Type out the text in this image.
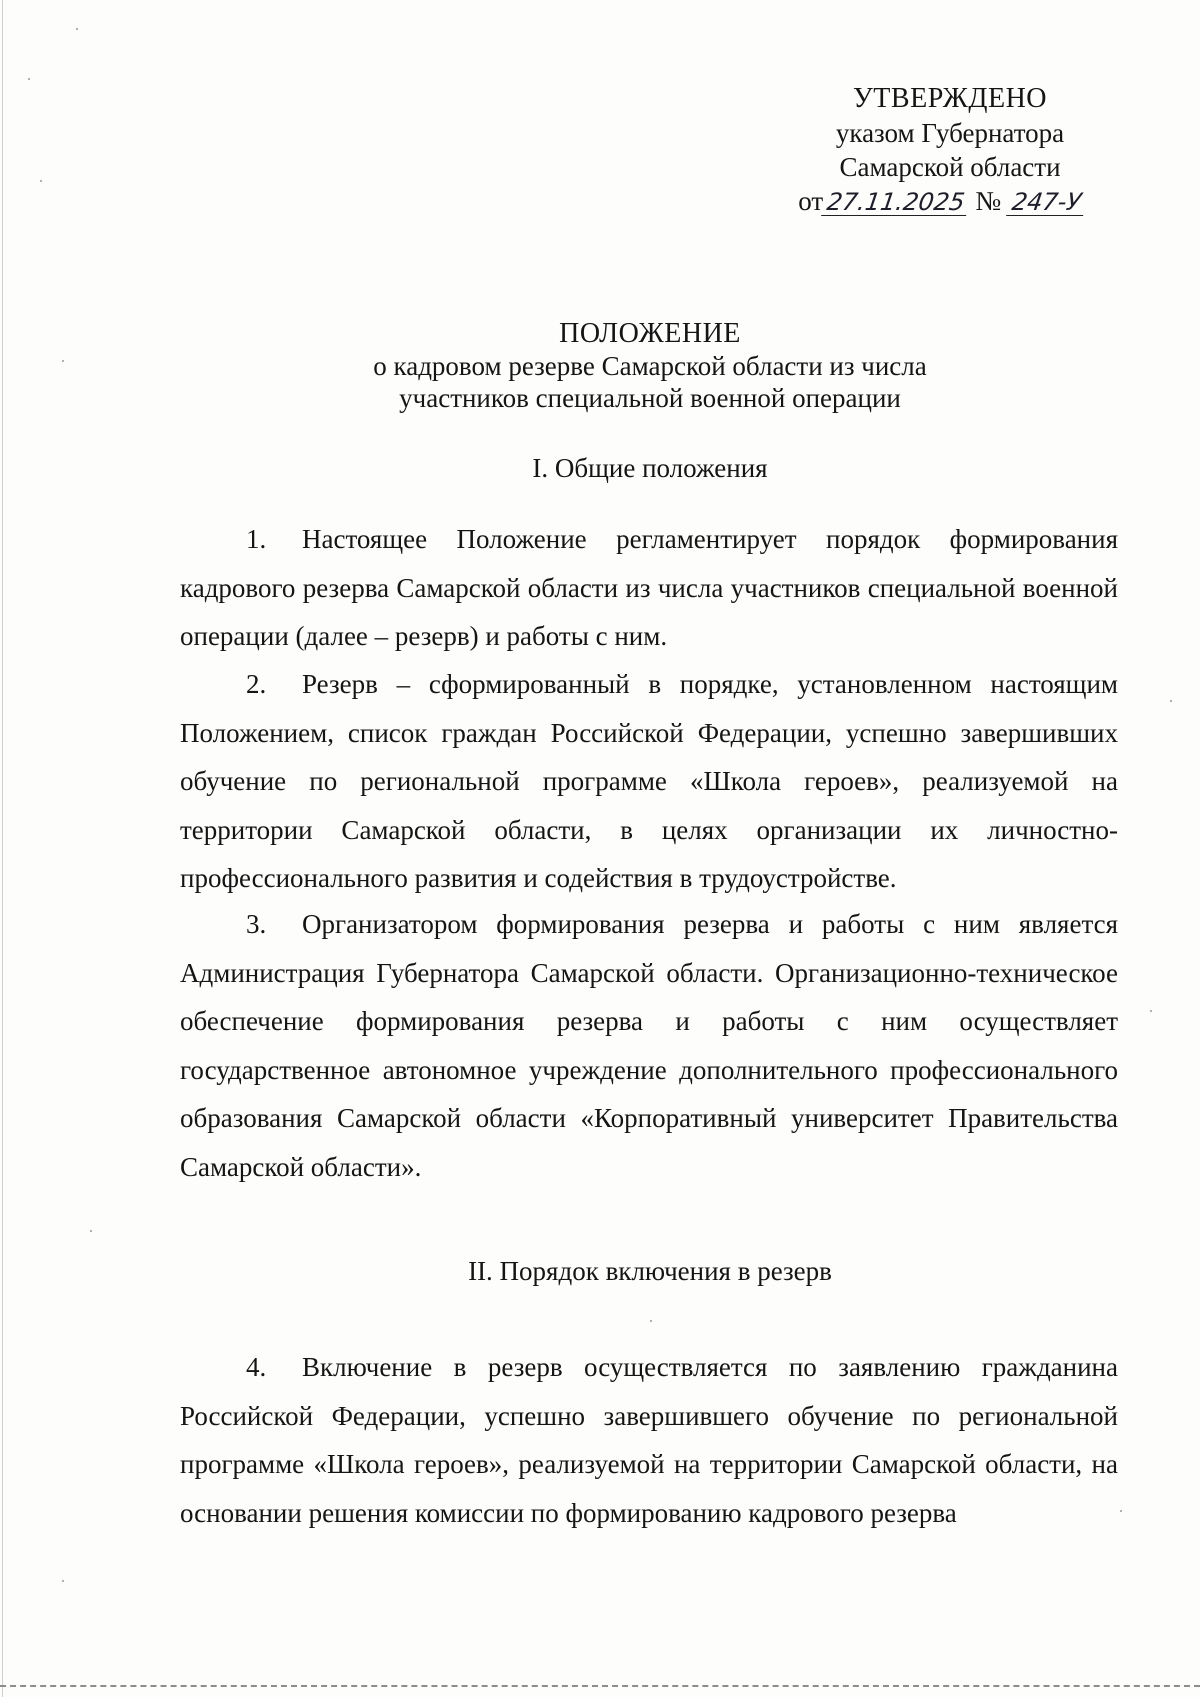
УТВЕРЖДЕНО
указом Губернатора
Самарской области
от27.11.2025 № 247-У
ПОЛОЖЕНИЕ
о кадровом резерве Самарской области из числа
участников специальной военной операции
I. Общие положения
1. Настоящее Положение регламентирует порядок формирования кадрового резерва Самарской области из числа участников специальной военной операции (далее – резерв) и работы с ним.
2. Резерв – сформированный в порядке, установленном настоящим Положением, список граждан Российской Федерации, успешно завершивших обучение по региональной программе «Школа героев», реализуемой на территории Самарской области, в целях организации их личностно-профессионального развития и содействия в трудоустройстве.
3. Организатором формирования резерва и работы с ним является Администрация Губернатора Самарской области. Организационно-техническое обеспечение формирования резерва и работы с ним осуществляет государственное автономное учреждение дополнительного профессионального образования Самарской области «Корпоративный университет Правительства Самарской области».
II. Порядок включения в резерв
4. Включение в резерв осуществляется по заявлению гражданина Российской Федерации, успешно завершившего обучение по региональной программе «Школа героев», реализуемой на территории Самарской области, на основании решения комиссии по формированию кадрового резерва
